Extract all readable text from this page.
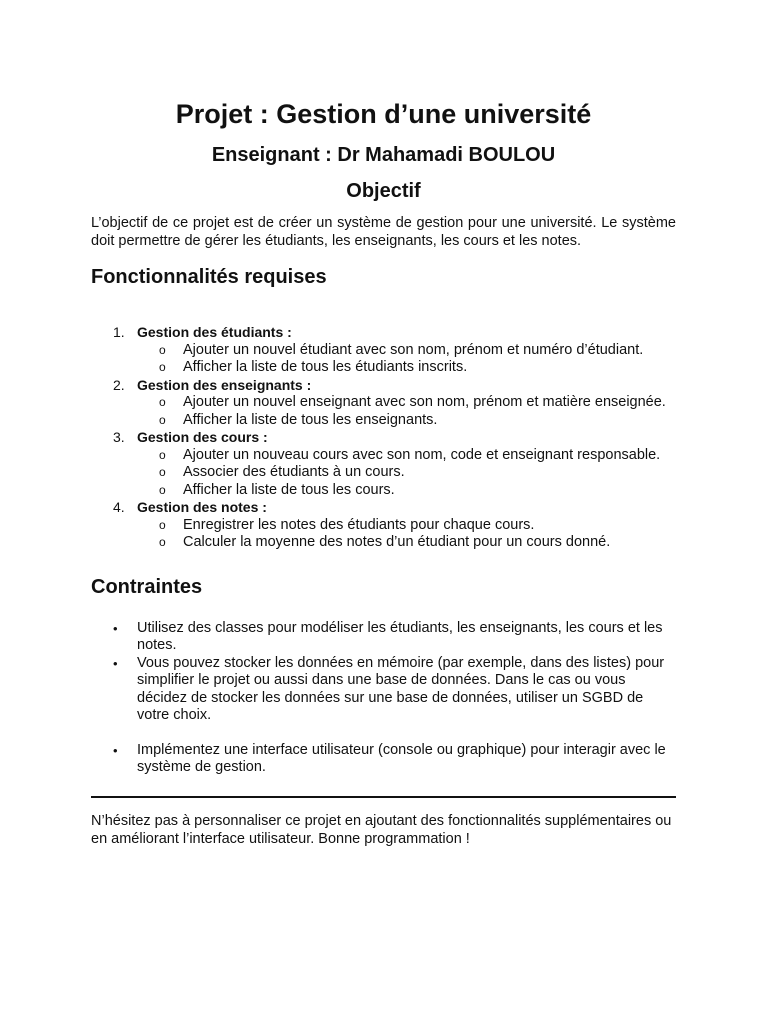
Projet : Gestion d’une université
Enseignant : Dr Mahamadi BOULOU
Objectif

L’objectif de ce projet est de créer un système de gestion pour une université. Le système doit permettre de gérer les étudiants, les enseignants, les cours et les notes.

Fonctionnalités requises
1. Gestion des étudiants :
o Ajouter un nouvel étudiant avec son nom, prénom et numéro d’étudiant.
o Afficher la liste de tous les étudiants inscrits.
2. Gestion des enseignants :
o Ajouter un nouvel enseignant avec son nom, prénom et matière enseignée.
o Afficher la liste de tous les enseignants.
3. Gestion des cours :
o Ajouter un nouveau cours avec son nom, code et enseignant responsable.
o Associer des étudiants à un cours.
o Afficher la liste de tous les cours.
4. Gestion des notes :
o Enregistrer les notes des étudiants pour chaque cours.
o Calculer la moyenne des notes d’un étudiant pour un cours donné.
Contraintes
• Utilisez des classes pour modéliser les étudiants, les enseignants, les cours et les notes.
• Vous pouvez stocker les données en mémoire (par exemple, dans des listes) pour simplifier le projet ou aussi dans une base de données. Dans le cas ou vous décidez de stocker les données sur une base de données, utiliser un SGBD de votre choix.
• Implémentez une interface utilisateur (console ou graphique) pour interagir avec le système de gestion.

N’hésitez pas à personnaliser ce projet en ajoutant des fonctionnalités supplémentaires ou en améliorant l’interface utilisateur. Bonne programmation !
